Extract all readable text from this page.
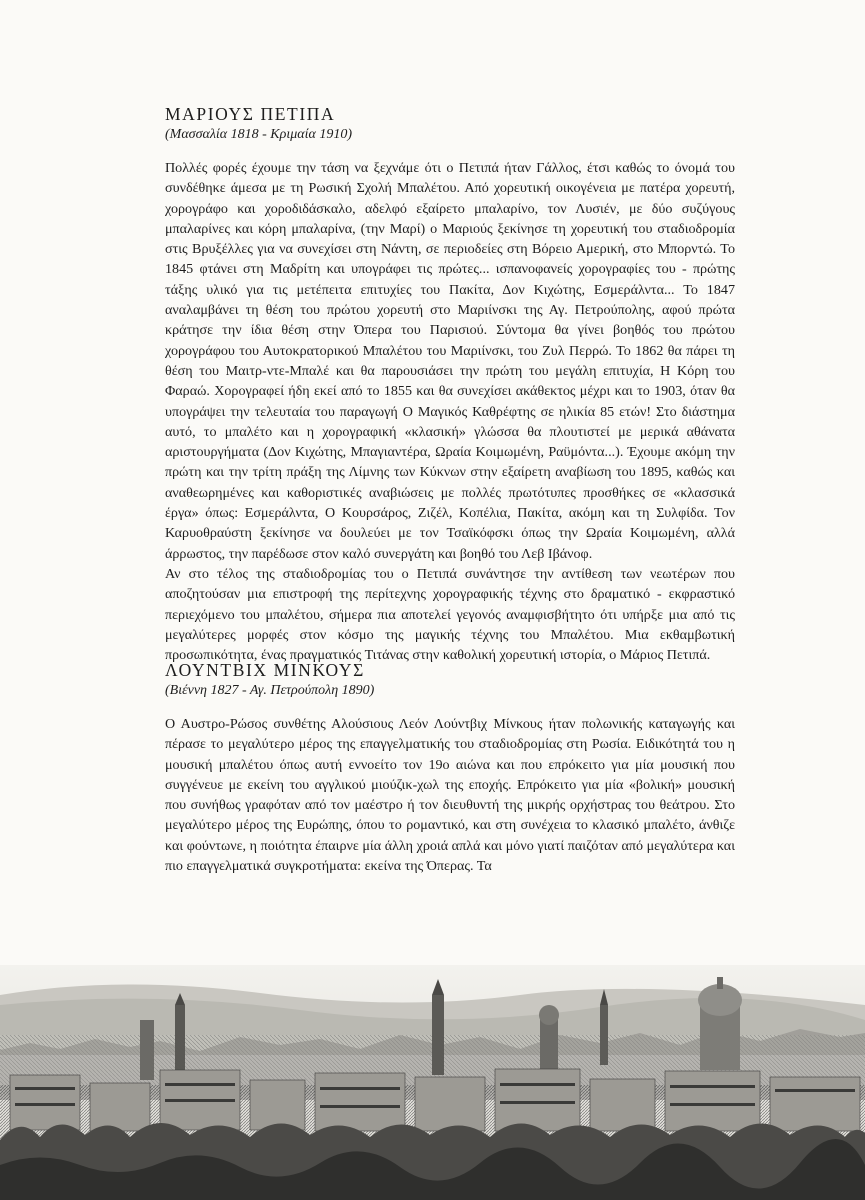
ΜΑΡΙΟΥΣ ΠΕΤΙΠΑ
(Μασσαλία 1818 - Κριμαία 1910)

Πολλές φορές έχουμε την τάση να ξεχνάμε ότι ο Πετιπά ήταν Γάλλος, έτσι καθώς το όνομά του συνδέθηκε άμεσα με τη Ρωσική Σχολή Μπαλέτου. Από χορευτική οικογένεια με πατέρα χορευτή, χορογράφο και χοροδιδάσκαλο, αδελφό εξαίρετο μπαλαρίνο, τον Λυσιέν, με δύο συζύγους μπαλαρίνες και κόρη μπαλαρίνα, (την Μαρί) ο Μαριούς ξεκίνησε τη χορευτική του σταδιοδρομία στις Βρυξέλλες για να συνεχίσει στη Νάντη, σε περιοδείες στη Βόρειο Αμερική, στο Μπορντώ. Το 1845 φτάνει στη Μαδρίτη και υπογράφει τις πρώτες... ισπανοφανείς χορογραφίες του - πρώτης τάξης υλικό για τις μετέπειτα επιτυχίες του Πακίτα, Δον Κιχώτης, Εσμεράλντα... Το 1847 αναλαμβάνει τη θέση του πρώτου χορευτή στο Μαριίνσκι της Αγ. Πετρούπολης, αφού πρώτα κράτησε την ίδια θέση στην Όπερα του Παρισιού. Σύντομα θα γίνει βοηθός του πρώτου χορογράφου του Αυτοκρατορικού Μπαλέτου του Μαριίνσκι, του Ζυλ Περρώ. Το 1862 θα πάρει τη θέση του Μαιτρ-ντε-Μπαλέ και θα παρουσιάσει την πρώτη του μεγάλη επιτυχία, Η Κόρη του Φαραώ. Χορογραφεί ήδη εκεί από το 1855 και θα συνεχίσει ακάθεκτος μέχρι και το 1903, όταν θα υπογράψει την τελευταία του παραγωγή Ο Μαγικός Καθρέφτης σε ηλικία 85 ετών! Στο διάστημα αυτό, το μπαλέτο και η χορογραφική «κλασική» γλώσσα θα πλουτιστεί με μερικά αθάνατα αριστουργήματα (Δον Κιχώτης, Μπαγιαντέρα, Ωραία Κοιμωμένη, Ραϋμόντα...). Έχουμε ακόμη την πρώτη και την τρίτη πράξη της Λίμνης των Κύκνων στην εξαίρετη αναβίωση του 1895, καθώς και αναθεωρημένες και καθοριστικές αναβιώσεις με πολλές πρωτότυπες προσθήκες σε «κλασσικά έργα» όπως: Εσμεράλντα, Ο Κουρσάρος, Ζιζέλ, Κοπέλια, Πακίτα, ακόμη και τη Συλφίδα. Τον Καρυοθραύστη ξεκίνησε να δουλεύει με τον Τσαϊκόφσκι όπως την Ωραία Κοιμωμένη, αλλά άρρωστος, την παρέδωσε στον καλό συνεργάτη και βοηθό του Λεβ Ιβάνοφ.

Αν στο τέλος της σταδιοδρομίας του ο Πετιπά συνάντησε την αντίθεση των νεωτέρων που αποζητούσαν μια επιστροφή της περίτεχνης χορογραφικής τέχνης στο δραματικό - εκφραστικό περιεχόμενο του μπαλέτου, σήμερα πια αποτελεί γεγονός αναμφισβήτητο ότι υπήρξε μια από τις μεγαλύτερες μορφές στον κόσμο της μαγικής τέχνης του Μπαλέτου. Μια εκθαμβωτική προσωπικότητα, ένας πραγματικός Τιτάνας στην καθολική χορευτική ιστορία, ο Μάριος Πετιπά.

ΛΟΥΝΤΒΙΧ ΜΙΝΚΟΥΣ
(Βιέννη 1827 - Αγ. Πετρούπολη 1890)

Ο Αυστρο-Ρώσος συνθέτης Αλούσιους Λεόν Λούντβιχ Μίνκους ήταν πολωνικής καταγωγής και πέρασε το μεγαλύτερο μέρος της επαγγελματικής του σταδιοδρομίας στη Ρωσία. Ειδικότητά του η μουσική μπαλέτου όπως αυτή εννοείτο τον 19ο αιώνα και που επρόκειτο για μία μουσική που συγγένευε με εκείνη του αγγλικού μιούζικ-χωλ της εποχής. Επρόκειτο για μία «βολική» μουσική που συνήθως γραφόταν από τον μαέστρο ή τον διευθυντή της μικρής ορχήστρας του θεάτρου. Στο μεγαλύτερο μέρος της Ευρώπης, όπου το ρομαντικό, και στη συνέχεια το κλασικό μπαλέτο, άνθιζε και φούντωνε, η ποιότητα έπαιρνε μία άλλη χροιά απλά και μόνο γιατί παιζόταν από μεγαλύτερα και πιο επαγγελματικά συγκροτήματα: εκείνα της Όπερας. Τα
